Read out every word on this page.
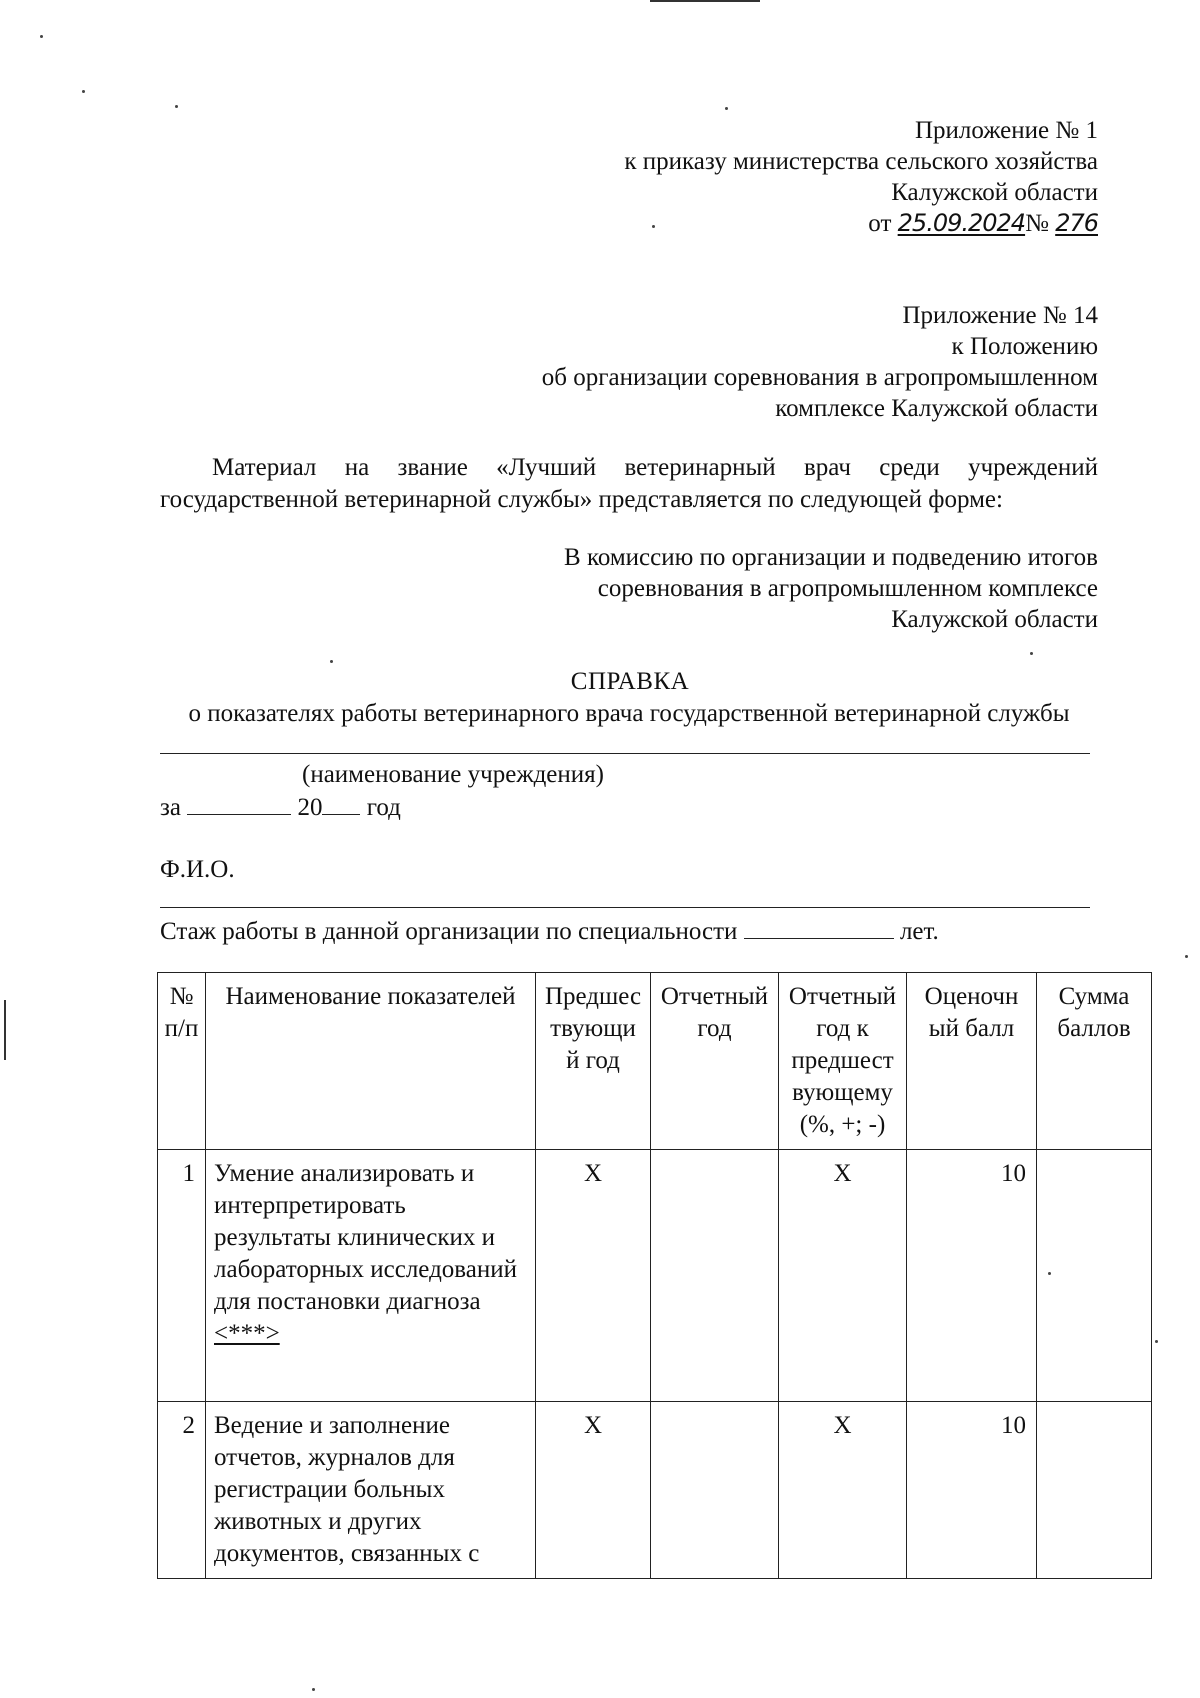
Приложение № 1
к приказу министерства сельского хозяйства
Калужской области
от 25.09.2024№ 276
Приложение № 14
к Положению
об организации соревнования в агропромышленном
комплексе Калужской области

Материал на звание «Лучший ветеринарный врач среди учреждений государственной ветеринарной службы» представляется по следующей форме:

В комиссию по организации и подведению итогов
соревнования в агропромышленном комплексе
Калужской области
СПРАВКА

о показателях работы ветеринарного врача государственной ветеринарной службы

(наименование учреждения)
за	20 год
Ф.И.О.
Стаж работы в данной организации по специальности	лет.
№ п/п	Наименование показателей	Предшес твующи й год	Отчетный год	Отчетный год к предшест вующему (%, +; -)	Оценочн ый балл	Сумма баллов
1	Умение анализировать и интерпретировать результаты клинических и лабораторных исследований для постановки диагноза <***>	X		X	10	
2	Ведение и заполнение отчетов, журналов для регистрации больных животных и других документов, связанных с	X		X	10	
